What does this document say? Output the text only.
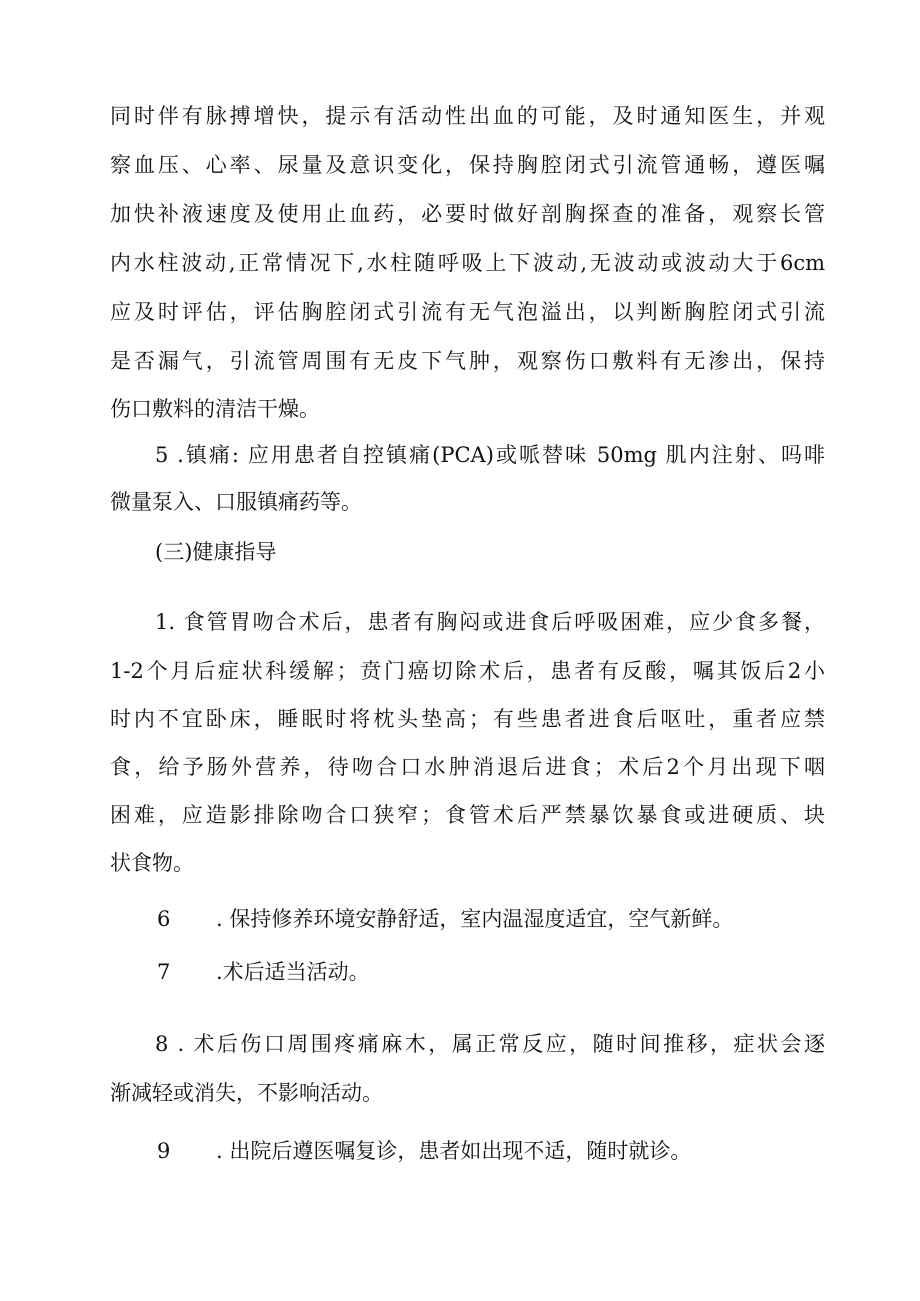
同时伴有脉搏增快，提示有活动性出血的可能，及时通知医生，并观
察血压、心率、尿量及意识变化，保持胸腔闭式引流管通畅，遵医嘱
加快补液速度及使用止血药，必要时做好剖胸探查的准备，观察长管
内水柱波动,正常情况下,水柱随呼吸上下波动,无波动或波动大于6cm
应及时评估，评估胸腔闭式引流有无气泡溢出，以判断胸腔闭式引流
是否漏气，引流管周围有无皮下气肿，观察伤口敷料有无渗出，保持
伤口敷料的清洁干燥。
5 .镇痛: 应用患者自控镇痛(PCA)或哌替味 50mg 肌内注射、吗啡
微量泵入、口服镇痛药等。
(三)健康指导
1. 食管胃吻合术后，患者有胸闷或进食后呼吸困难，应少食多餐，
1-2个月后症状科缓解；贲门癌切除术后，患者有反酸，嘱其饭后2小
时内不宜卧床，睡眠时将枕头垫高；有些患者进食后呕吐，重者应禁
食，给予肠外营养，待吻合口水肿消退后进食；术后2个月出现下咽
困难，应造影排除吻合口狭窄；食管术后严禁暴饮暴食或进硬质、块
状食物。
6 . 保持修养环境安静舒适，室内温湿度适宜，空气新鲜。
7 .术后适当活动。
8 . 术后伤口周围疼痛麻木，属正常反应，随时间推移，症状会逐
渐减轻或消失，不影响活动。
9 . 出院后遵医嘱复诊，患者如出现不适，随时就诊。
